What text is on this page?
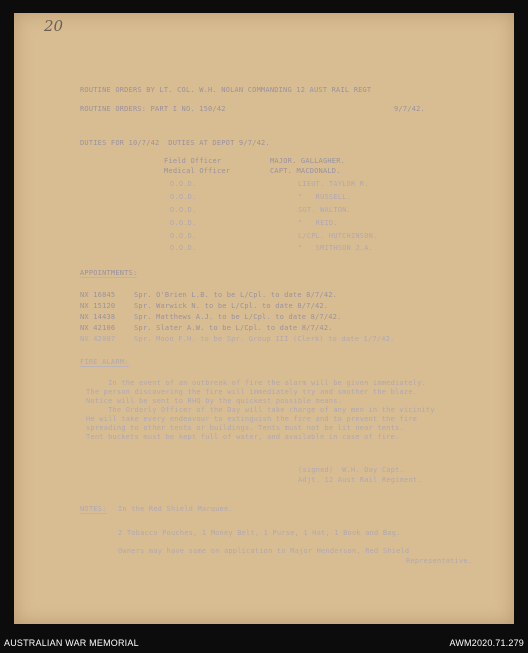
20
ROUTINE ORDERS BY LT. COL. W.H. NOLAN COMMANDING 12 AUST RAIL REGT
ROUTINE ORDERS: PART I NO. 150/42	9/7/42.
DUTIES FOR 10/7/42  DUTIES AT DEPOT 9/7/42.
Field Officer	MAJOR. GALLAGHER.
Medical Officer	CAPT. MACDONALD.
O.O.D.	LIEUT. TAYLOR R.
O.O.D.	"   RUSSELL.
O.O.D.	SGT. WALTON.
O.O.D.	"   REID.
O.O.D.	L/CPL. HUTCHINSON.
O.O.D.	"   SMITHSON J.A.
APPOINTMENTS:
NX 16845	Spr. O'Brien L.B. to be L/Cpl. to date 8/7/42.
NX 15120	Spr. Warwick N. to be L/Cpl. to date 8/7/42.
NX 14438	Spr. Matthews A.J. to be L/Cpl. to date 8/7/42.
NX 42106	Spr. Slater A.W. to be L/Cpl. to date 8/7/42.
NX 42087	Spr. Moon F.H. to be Spr. Group III (Clerk) to date 1/7/42.
FIRE ALARM:
In the event of an outbreak of fire the alarm will be given immediately.
The person discovering the fire will immediately try and smother the blaze.
Notice will be sent to RHQ by the quickest possible means.
The Orderly Officer of the Day will take charge of any men in the vicinity
He will take every endeavour to extinguish the fire and to prevent the fire
spreading to other tents or buildings. Tents must not be lit near tents.
Tent buckets must be kept full of water, and available in case of fire.
(signed)  W.H. Day Capt.
Adjt. 12 Aust Rail Regiment.
NOTES: In the Red Shield Marquee.
2 Tobacco Pouches, 1 Money Belt, 1 Purse, 1 Hat, 1 Book and Bag.
Owners may have same on application to Major Henderson, Red Shield
Representative.
AUSTRALIAN WAR MEMORIAL	AWM2020.71.279
